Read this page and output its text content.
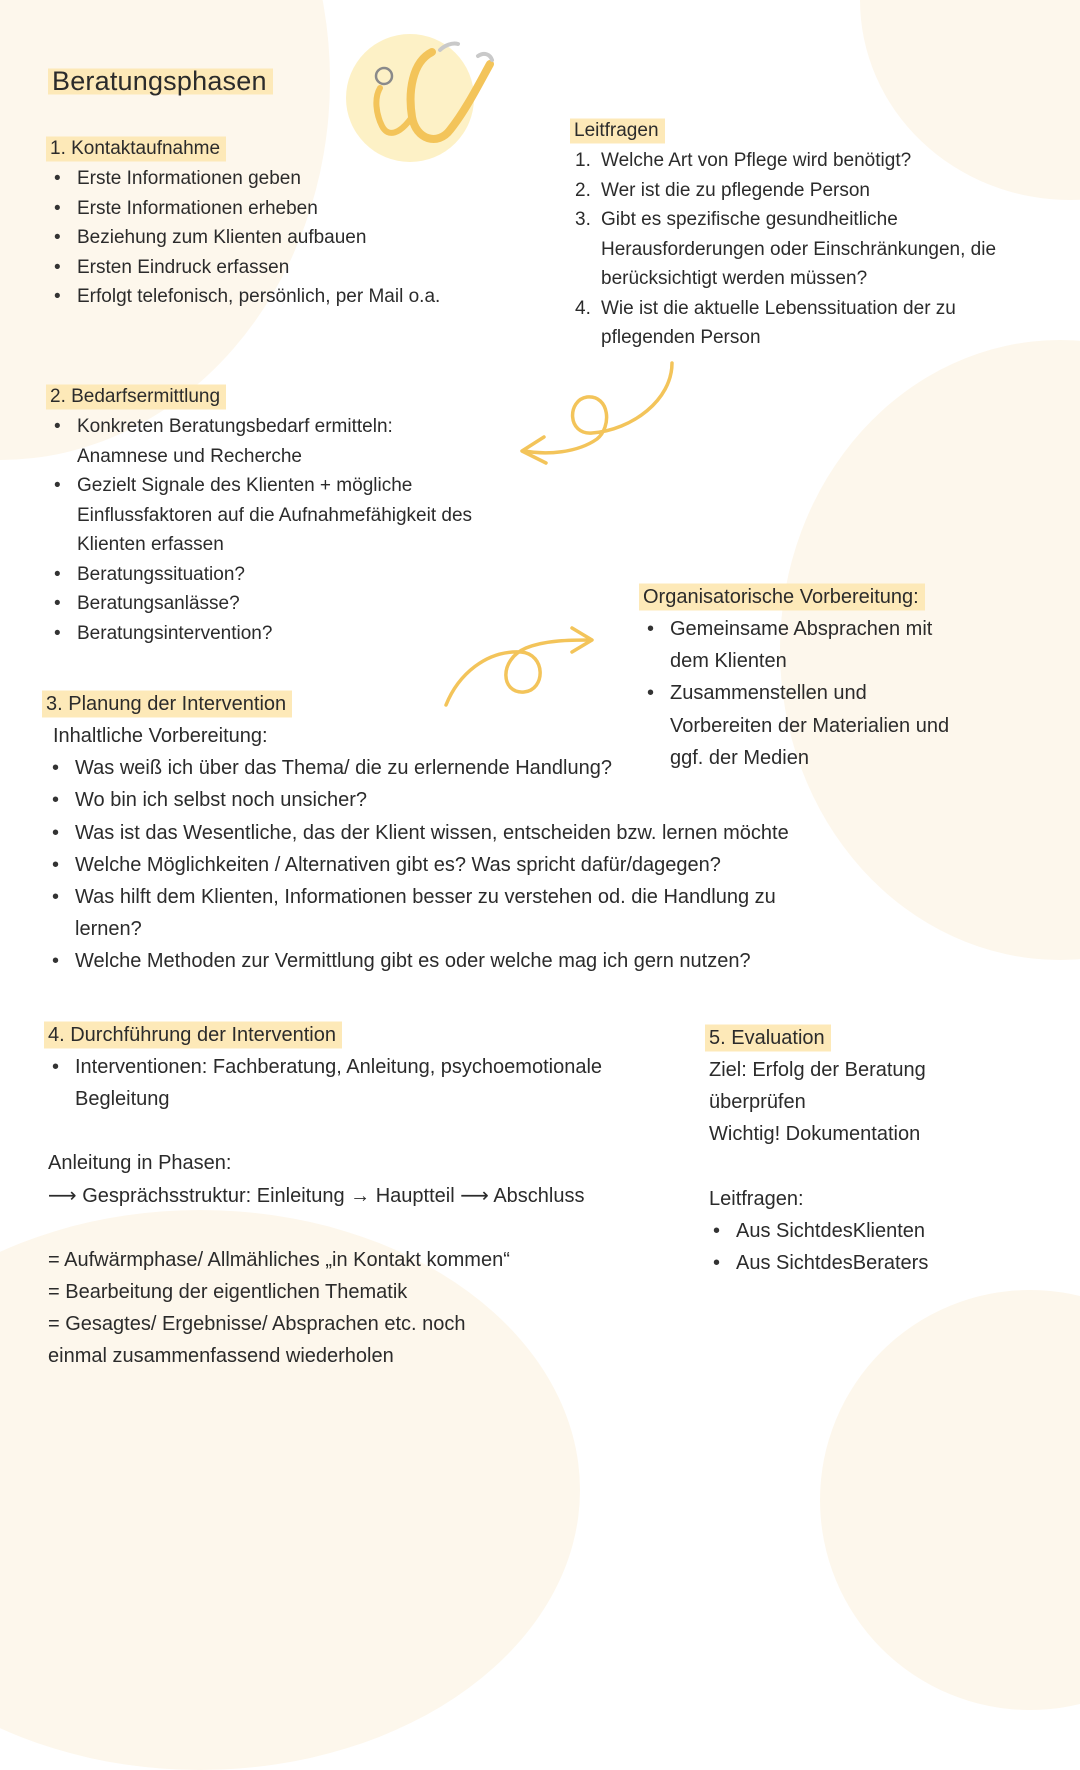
Beratungsphasen
1. Kontaktaufnahme
• Erste Informationen geben
• Erste Informationen erheben
• Beziehung zum Klienten aufbauen
• Ersten Eindruck erfassen
• Erfolgt telefonisch, persönlich, per Mail o.a.
Leitfragen
1. Welche Art von Pflege wird benötigt?
2. Wer ist die zu pflegende Person
3. Gibt es spezifische gesundheitliche Herausforderungen oder Einschränkungen, die berücksichtigt werden müssen?
4. Wie ist die aktuelle Lebenssituation der zu pflegenden Person
2. Bedarfsermittlung
• Konkreten Beratungsbedarf ermitteln: Anamnese und Recherche
• Gezielt Signale des Klienten + mögliche Einflussfaktoren auf die Aufnahmefähigkeit des Klienten erfassen
• Beratungssituation?
• Beratungsanlässe?
• Beratungsintervention?
Organisatorische Vorbereitung:
• Gemeinsame Absprachen mit dem Klienten
• Zusammenstellen und Vorbereiten der Materialien und ggf. der Medien
3. Planung der Intervention
Inhaltliche Vorbereitung:
• Was weiß ich über das Thema/ die zu erlernende Handlung?
• Wo bin ich selbst noch unsicher?
• Was ist das Wesentliche, das der Klient wissen, entscheiden bzw. lernen möchte
• Welche Möglichkeiten / Alternativen gibt es? Was spricht dafür/dagegen?
• Was hilft dem Klienten, Informationen besser zu verstehen od. die Handlung zu lernen?
• Welche Methoden zur Vermittlung gibt es oder welche mag ich gern nutzen?
4. Durchführung der Intervention
• Interventionen: Fachberatung, Anleitung, psychoemotionale Begleitung
Anleitung in Phasen:
⟶ Gesprächsstruktur: Einleitung → Hauptteil ⟶ Abschluss
= Aufwärmphase/ Allmähliches „in Kontakt kommen“
= Bearbeitung der eigentlichen Thematik
= Gesagtes/ Ergebnisse/ Absprachen etc. noch einmal zusammenfassend wiederholen
5. Evaluation
Ziel: Erfolg der Beratung überprüfen
Wichtig! Dokumentation
Leitfragen:
• Aus SichtdesKlienten
• Aus SichtdesBeraters
